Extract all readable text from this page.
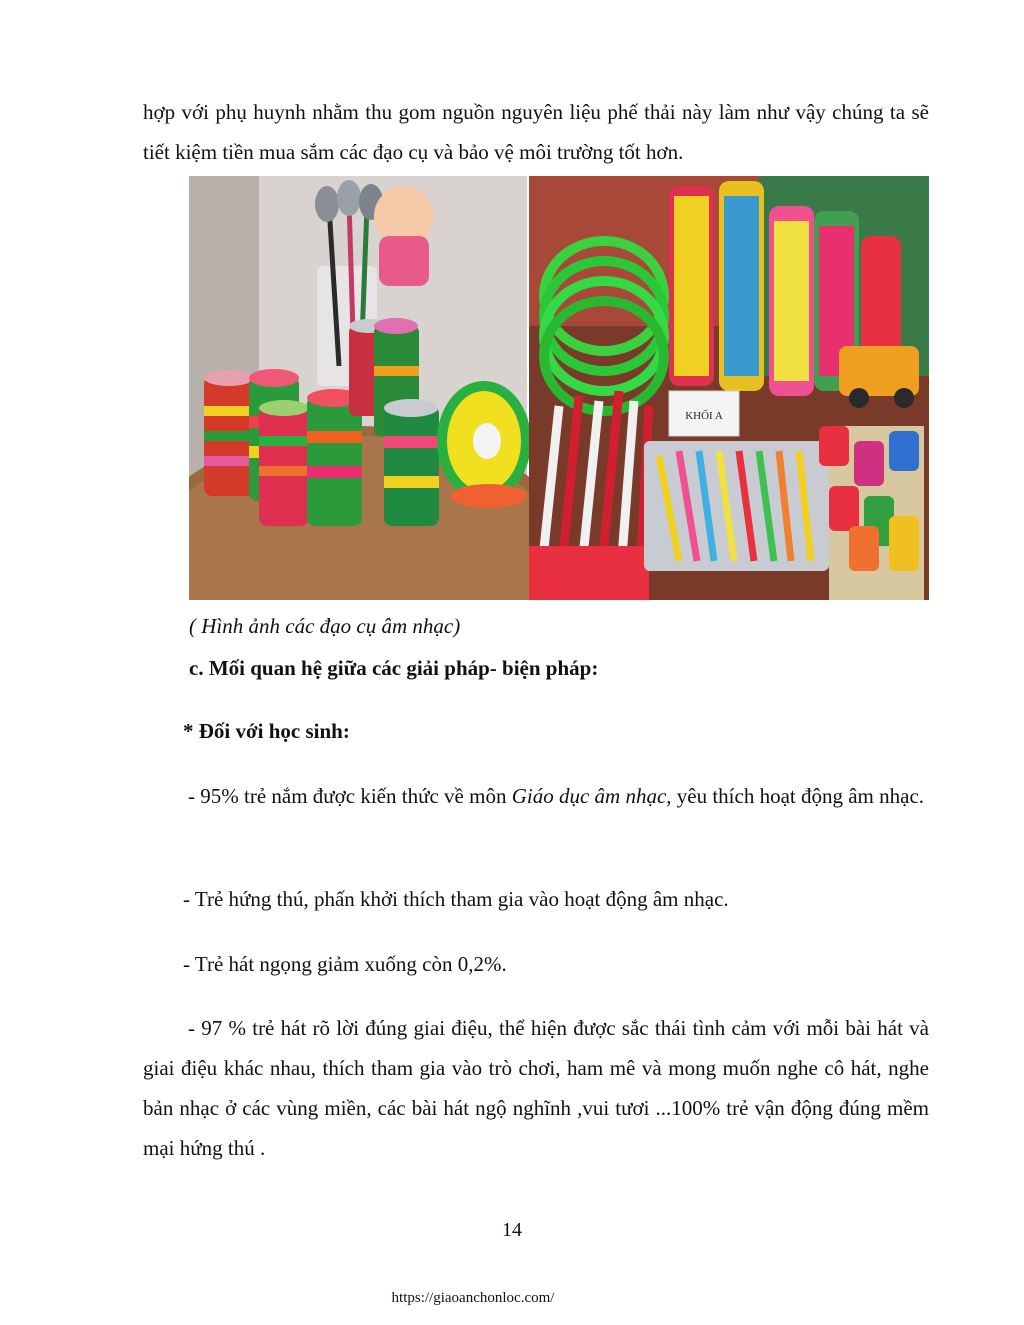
hợp với phụ huynh nhằm thu gom nguồn nguyên liệu phế thải này làm như vậy chúng ta sẽ tiết kiệm tiền mua sắm các đạo cụ và bảo vệ môi trường tốt hơn.

KHỐI A

( Hình ảnh các đạo cụ âm nhạc)

c. Mối quan hệ giữa các giải pháp- biện pháp:

* Đối với học sinh:

- 95% trẻ nắm được kiến thức về môn Giáo dục âm nhạc, yêu thích hoạt động âm nhạc.

- Trẻ hứng thú, phấn khởi thích tham gia vào hoạt động âm nhạc.

- Trẻ hát ngọng giảm xuống còn 0,2%.

- 97 % trẻ hát rõ lời đúng giai điệu, thể hiện được sắc thái tình cảm với mỗi bài hát và giai điệu khác nhau, thích tham gia vào trò chơi, ham mê và mong muốn nghe cô hát, nghe bản nhạc ở các vùng miền, các bài hát ngộ nghĩnh ,vui tươi ...100% trẻ vận động đúng mềm mại hứng thú .

14
https://giaoanchonloc.com/
